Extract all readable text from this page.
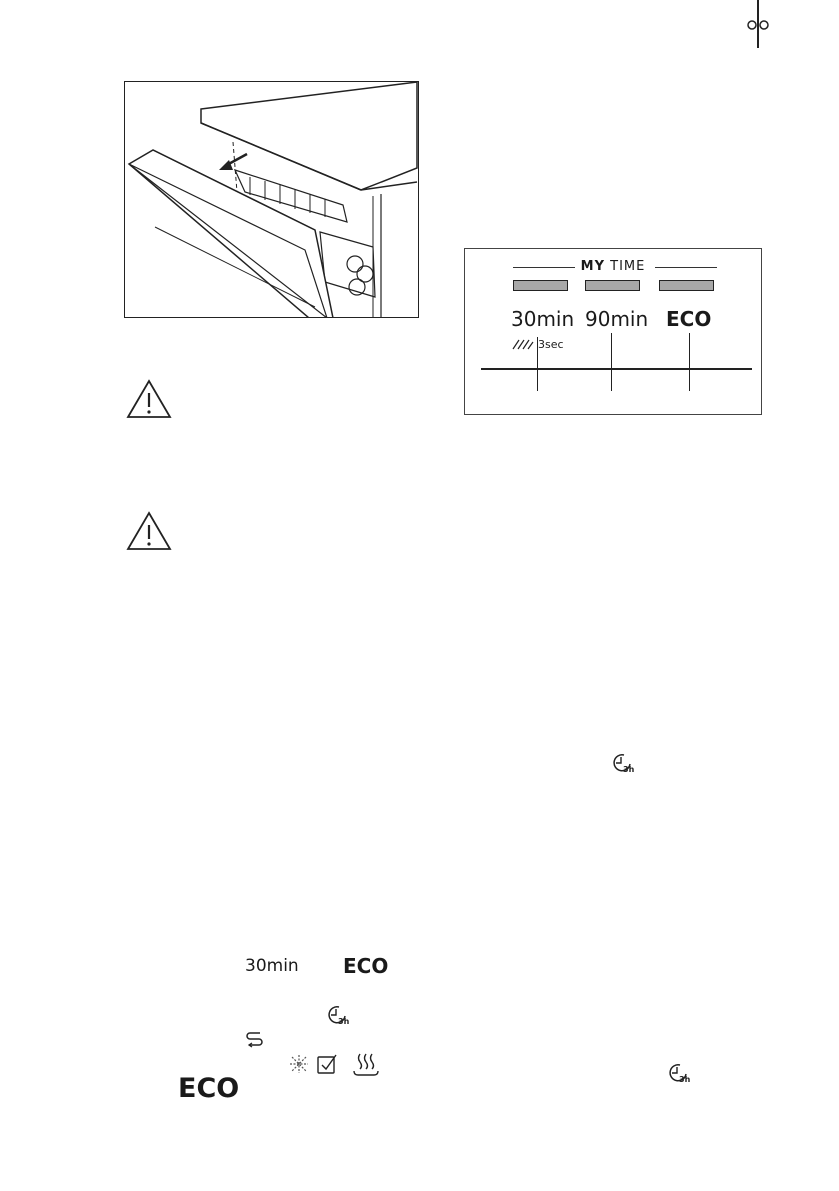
MY TIME
30min 90min ECO
3sec
3h
30min ECO
3h
ECO	3h
